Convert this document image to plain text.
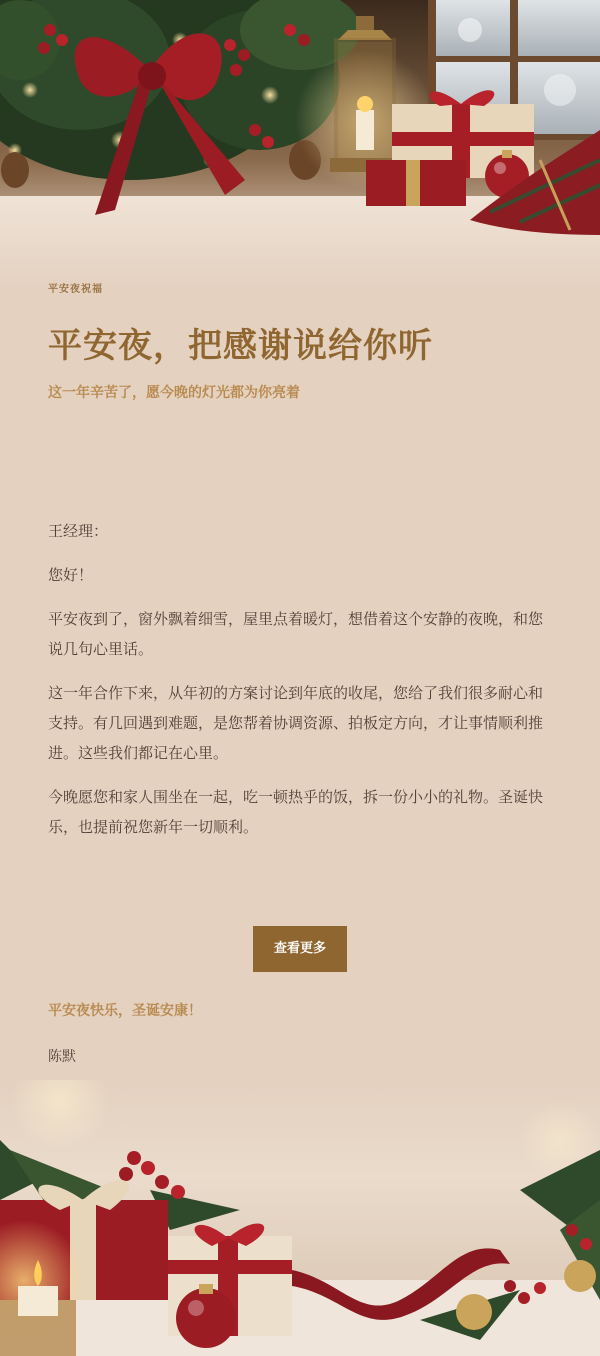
平安夜祝福
平安夜，把感谢说给你听
这一年辛苦了，愿今晚的灯光都为你亮着

王经理：

您好！

平安夜到了，窗外飘着细雪，屋里点着暖灯，想借着这个安静的夜晚，和您说几句心里话。

这一年合作下来，从年初的方案讨论到年底的收尾，您给了我们很多耐心和支持。有几回遇到难题，是您帮着协调资源、拍板定方向，才让事情顺利推进。这些我们都记在心里。

今晚愿您和家人围坐在一起，吃一顿热乎的饭，拆一份小小的礼物。圣诞快乐，也提前祝您新年一切顺利。

查看更多
平安夜快乐，圣诞安康！
陈默
